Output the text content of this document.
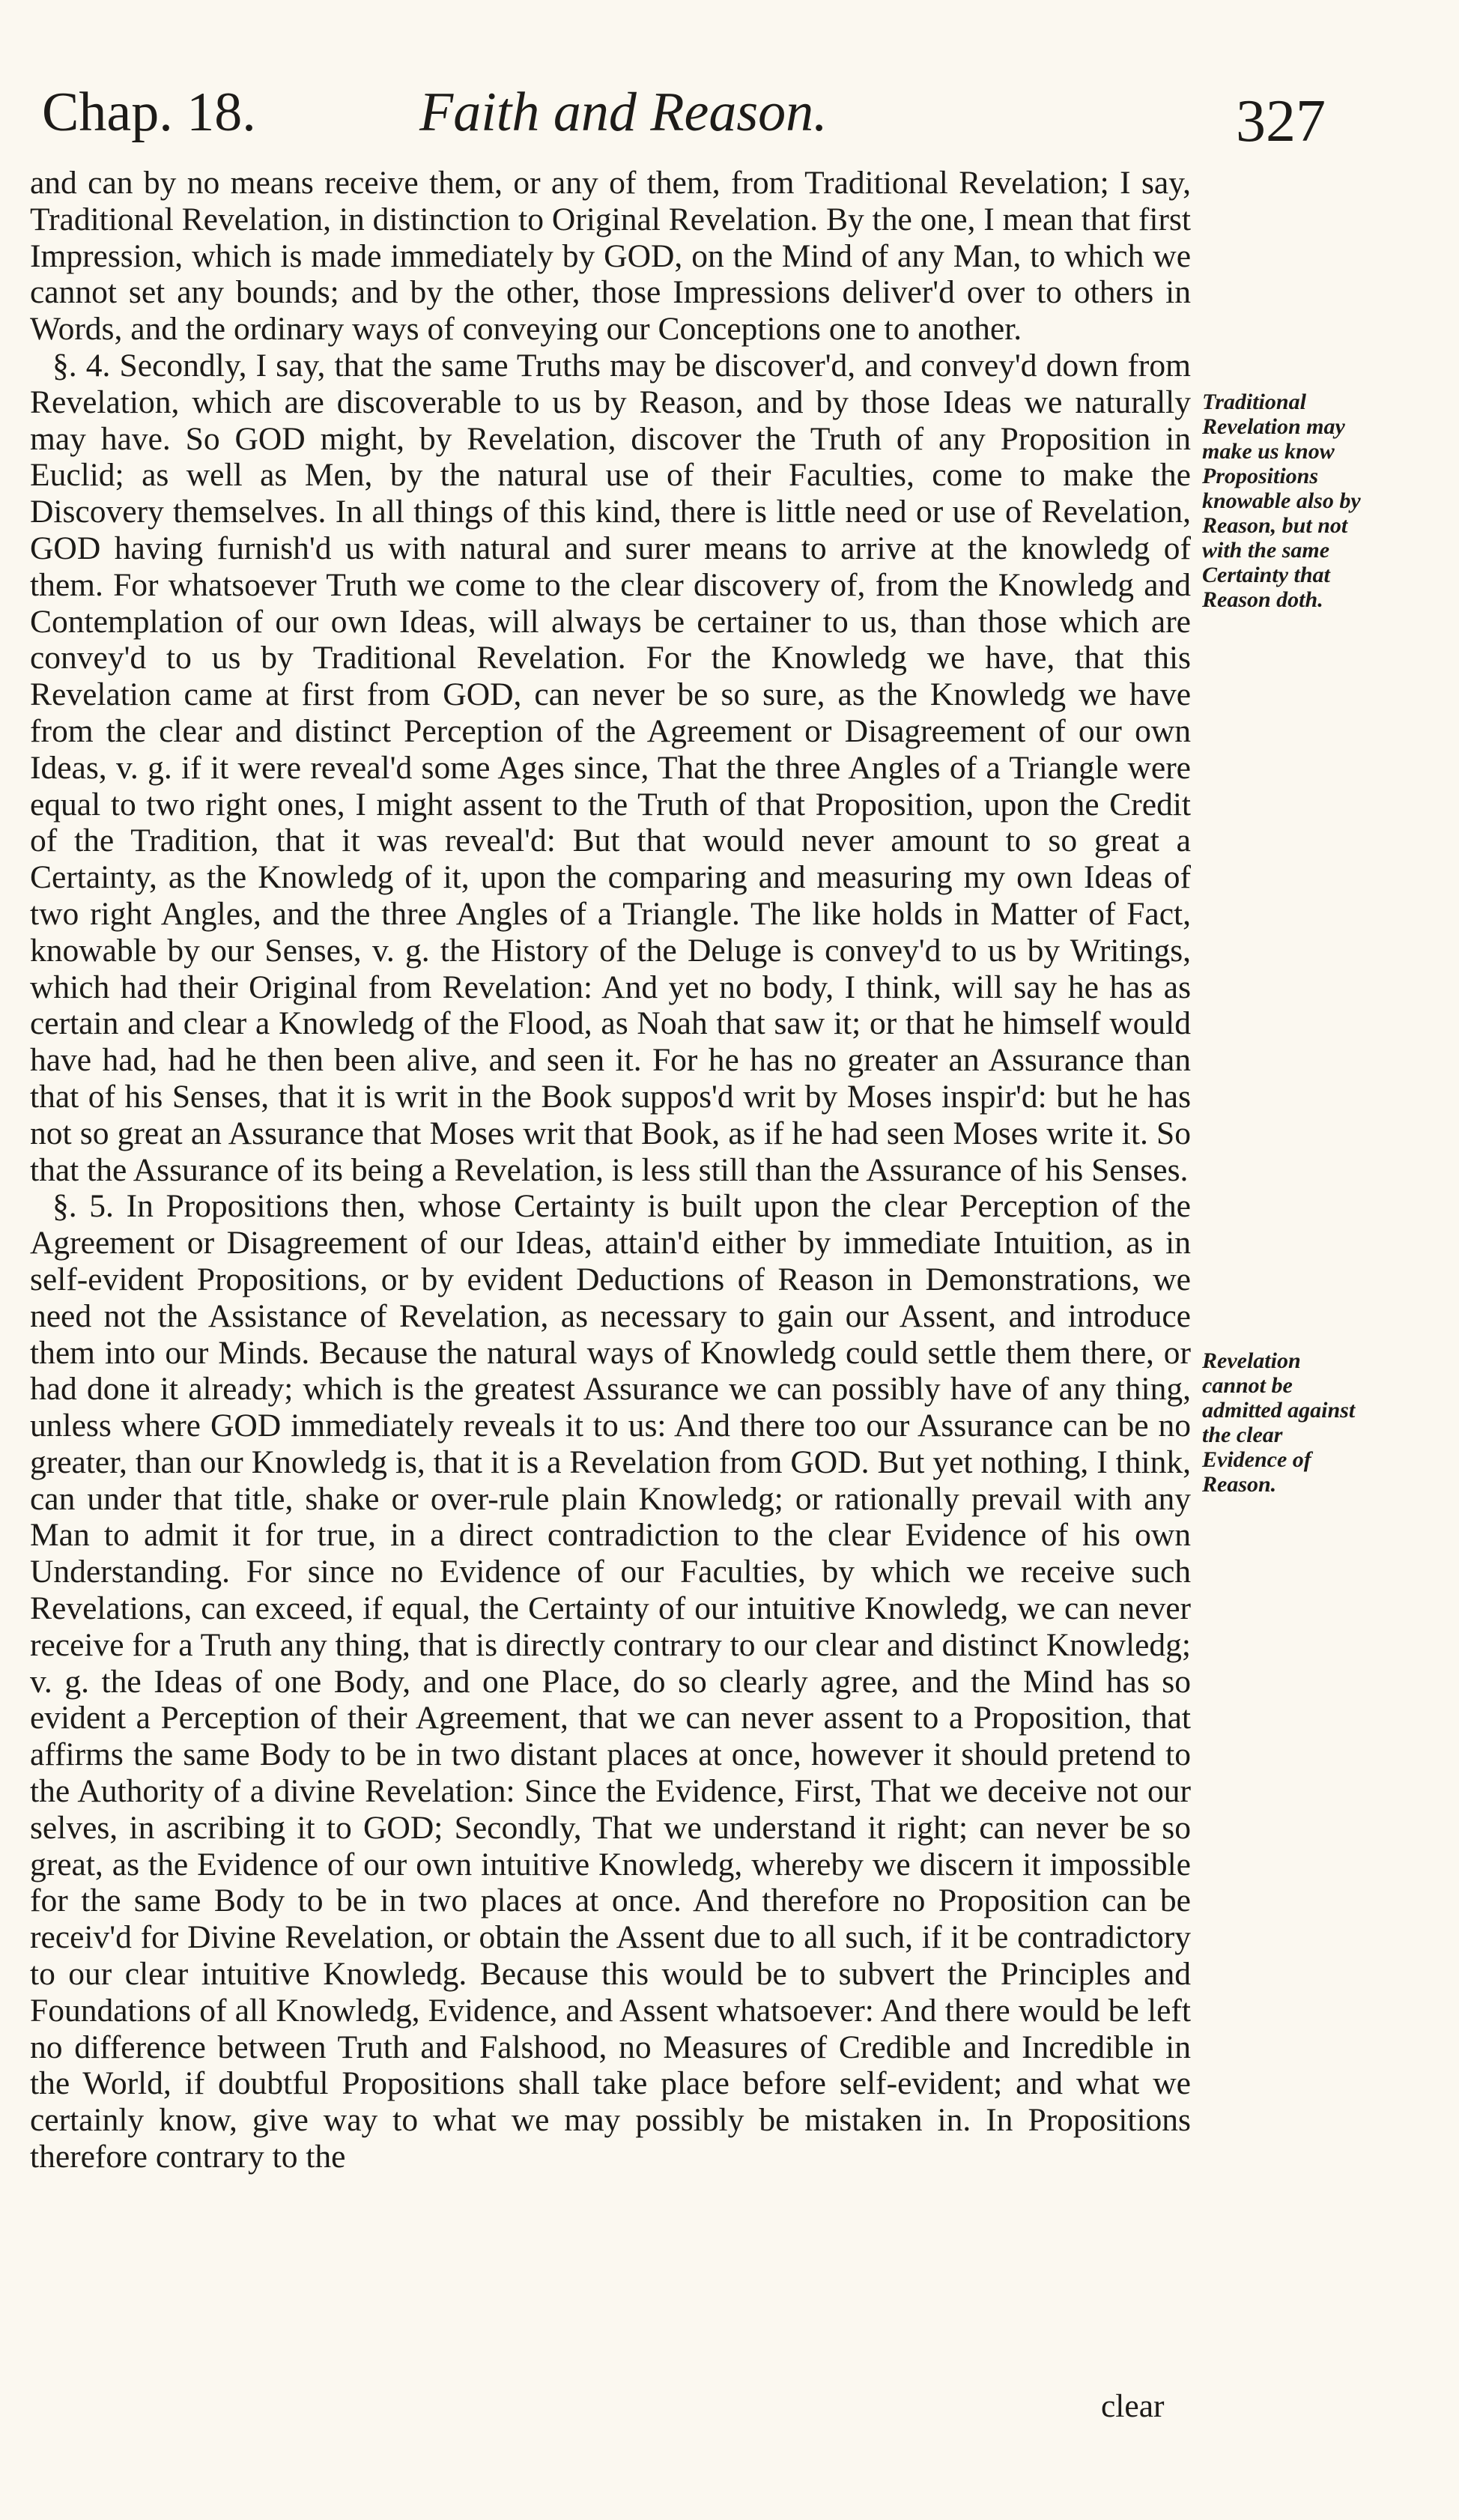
Chap. 18.	Faith and Reason.	327

and can by no means receive them, or any of them, from Traditional Revelation; I say, Traditional Revelation, in distinction to Original Revelation. By the one, I mean that first Impression, which is made immediately by GOD, on the Mind of any Man, to which we cannot set any bounds; and by the other, those Impressions deliver'd over to others in Words, and the ordinary ways of conveying our Conceptions one to another.

§. 4. Secondly, I say, that the same Truths may be discover'd, and convey'd down from Revelation, which are discoverable to us by Reason, and by those Ideas we naturally may have. So GOD might, by Revelation, discover the Truth of any Proposition in Euclid; as well as Men, by the natural use of their Faculties, come to make the Discovery themselves. In all things of this kind, there is little need or use of Revelation, GOD having furnish'd us with natural and surer means to arrive at the knowledg of them. For whatsoever Truth we come to the clear discovery of, from the Knowledg and Contemplation of our own Ideas, will always be certainer to us, than those which are convey'd to us by Traditional Revelation. For the Knowledg we have, that this Revelation came at first from GOD, can never be so sure, as the Knowledg we have from the clear and distinct Perception of the Agreement or Disagreement of our own Ideas, v. g. if it were reveal'd some Ages since, That the three Angles of a Triangle were equal to two right ones, I might assent to the Truth of that Proposition, upon the Credit of the Tradition, that it was reveal'd: But that would never amount to so great a Certainty, as the Knowledg of it, upon the comparing and measuring my own Ideas of two right Angles, and the three Angles of a Triangle. The like holds in Matter of Fact, knowable by our Senses, v. g. the History of the Deluge is convey'd to us by Writings, which had their Original from Revelation: And yet no body, I think, will say he has as certain and clear a Knowledg of the Flood, as Noah that saw it; or that he himself would have had, had he then been alive, and seen it. For he has no greater an Assurance than that of his Senses, that it is writ in the Book suppos'd writ by Moses inspir'd: but he has not so great an Assurance that Moses writ that Book, as if he had seen Moses write it. So that the Assurance of its being a Revelation, is less still than the Assurance of his Senses.

§. 5. In Propositions then, whose Certainty is built upon the clear Perception of the Agreement or Disagreement of our Ideas, attain'd either by immediate Intuition, as in self-evident Propositions, or by evident Deductions of Reason in Demonstrations, we need not the Assistance of Revelation, as necessary to gain our Assent, and introduce them into our Minds. Because the natural ways of Knowledg could settle them there, or had done it already; which is the greatest Assurance we can possibly have of any thing, unless where GOD immediately reveals it to us: And there too our Assurance can be no greater, than our Knowledg is, that it is a Revelation from GOD. But yet nothing, I think, can under that title, shake or over-rule plain Knowledg; or rationally prevail with any Man to admit it for true, in a direct contradiction to the clear Evidence of his own Understanding. For since no Evidence of our Faculties, by which we receive such Revelations, can exceed, if equal, the Certainty of our intuitive Knowledg, we can never receive for a Truth any thing, that is directly contrary to our clear and distinct Knowledg; v. g. the Ideas of one Body, and one Place, do so clearly agree, and the Mind has so evident a Perception of their Agreement, that we can never assent to a Proposition, that affirms the same Body to be in two distant places at once, however it should pretend to the Authority of a divine Revelation: Since the Evidence, First, That we deceive not our selves, in ascribing it to GOD; Secondly, That we understand it right; can never be so great, as the Evidence of our own intuitive Knowledg, whereby we discern it impossible for the same Body to be in two places at once. And therefore no Proposition can be receiv'd for Divine Revelation, or obtain the Assent due to all such, if it be contradictory to our clear intuitive Knowledg. Because this would be to subvert the Principles and Foundations of all Knowledg, Evidence, and Assent whatsoever: And there would be left no difference between Truth and Falshood, no Measures of Credible and Incredible in the World, if doubtful Propositions shall take place before self-evident; and what we certainly know, give way to what we may possibly be mistaken in. In Propositions therefore contrary to the

clear

Traditional Revelation may make us know Propositions knowable also by Reason, but not with the same Certainty that Reason doth.

Revelation cannot be admitted against the clear Evidence of Reason.
